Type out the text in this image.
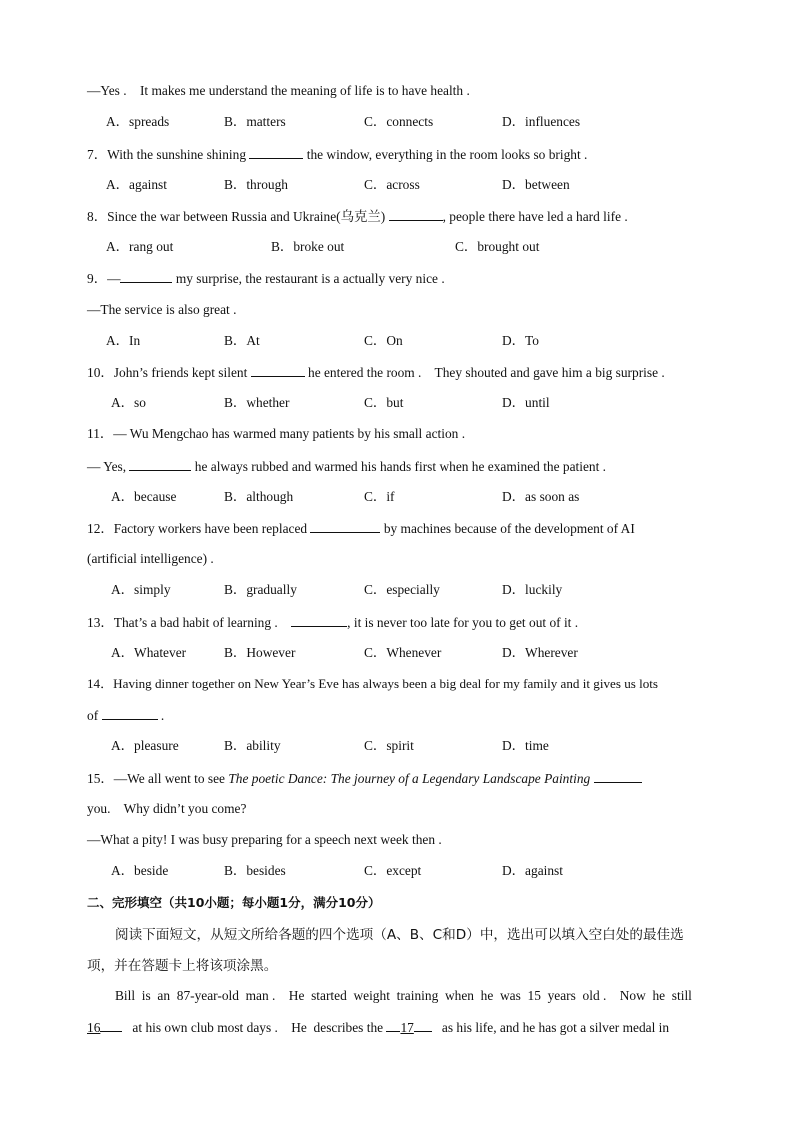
—Yes .    It makes me understand the meaning of life is to have health .
A．spreads	B．matters	C．connects	D．influences
7．With the sunshine shining	the window, everything in the room looks so bright .
A．against	B．through	C．across	D．between
8．Since the war between Russia and Ukraine(乌克兰)	, people there have led a hard life .
A．rang out	B．broke out	C．brought out
9．—	my surprise, the restaurant is a actually very nice .
—The service is also great .
A．In	B．At	C．On	D．To
10．John’s friends kept silent	he entered the room .    They shouted and gave him a big surprise .
A．so	B．whether	C．but	D．until
11．— Wu Mengchao has warmed many patients by his small action .
— Yes,	he always rubbed and warmed his hands first when he examined the patient .
A．because	B．although	C．if	D．as soon as
12．Factory workers have been replaced	by machines because of the development of AI
(artificial intelligence) .
A．simply	B．gradually	C．especially	D．luckily
13．That’s a bad habit of learning .	, it is never too late for you to get out of it .
A．Whatever	B．However	C．Whenever	D．Wherever
14．Having dinner together on New Year’s Eve has always been a big deal for my family and it gives us lots
of	.
A．pleasure	B．ability	C．spirit	D．time
15．—We all went to see The poetic Dance: The journey of a Legendary Landscape Painting
you.    Why didn’t you come?
—What a pity! I was busy preparing for a speech next week then .
A．beside	B．besides	C．except	D．against
二、完形填空（共10小题；每小题1分，满分10分）
阅读下面短文，从短文所给各题的四个选项（A、B、C和D）中，选出可以填入空白处的最佳选
项，并在答题卡上将该项涂黑。
Bill  is  an  87-year-old  man .    He  started  weight  training  when  he  was  15  years  old .    Now  he  still
16   at his own club most days .    He  describes the 17   as his life, and he has got a silver medal in
